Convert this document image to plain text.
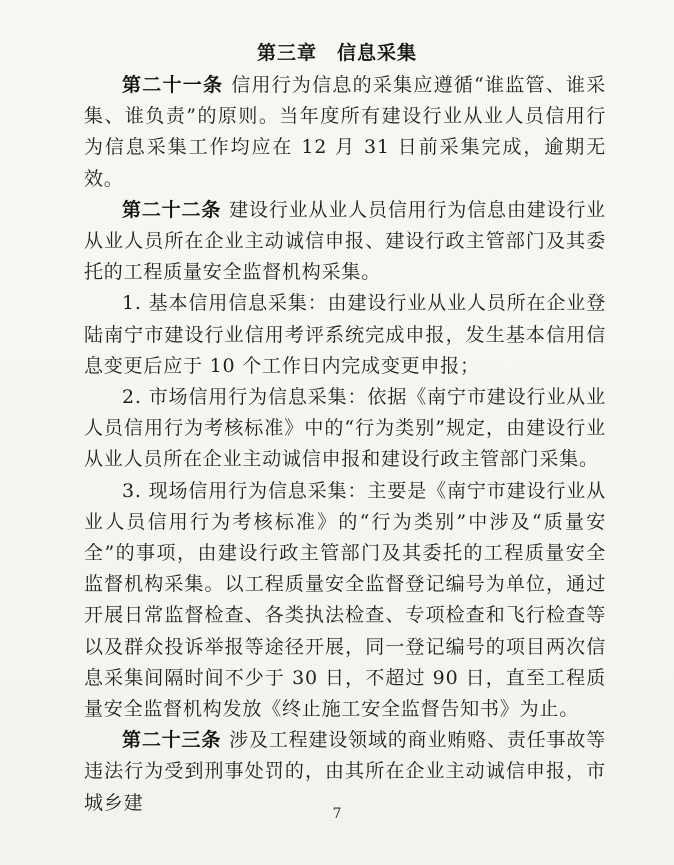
第三章　信息采集

第二十一条 信用行为信息的采集应遵循“谁监管、谁采集、谁负责”的原则。当年度所有建设行业从业人员信用行为信息采集工作均应在 12 月 31 日前采集完成，逾期无效。

第二十二条 建设行业从业人员信用行为信息由建设行业从业人员所在企业主动诚信申报、建设行政主管部门及其委托的工程质量安全监督机构采集。

1. 基本信用信息采集：由建设行业从业人员所在企业登陆南宁市建设行业信用考评系统完成申报，发生基本信用信息变更后应于 10 个工作日内完成变更申报；

2. 市场信用行为信息采集：依据《南宁市建设行业从业人员信用行为考核标准》中的“行为类别”规定，由建设行业从业人员所在企业主动诚信申报和建设行政主管部门采集。

3. 现场信用行为信息采集：主要是《南宁市建设行业从业人员信用行为考核标准》的“行为类别”中涉及“质量安全”的事项，由建设行政主管部门及其委托的工程质量安全监督机构采集。以工程质量安全监督登记编号为单位，通过开展日常监督检查、各类执法检查、专项检查和飞行检查等以及群众投诉举报等途径开展，同一登记编号的项目两次信息采集间隔时间不少于 30 日，不超过 90 日，直至工程质量安全监督机构发放《终止施工安全监督告知书》为止。

第二十三条 涉及工程建设领域的商业贿赂、责任事故等违法行为受到刑事处罚的，由其所在企业主动诚信申报，市城乡建

7
